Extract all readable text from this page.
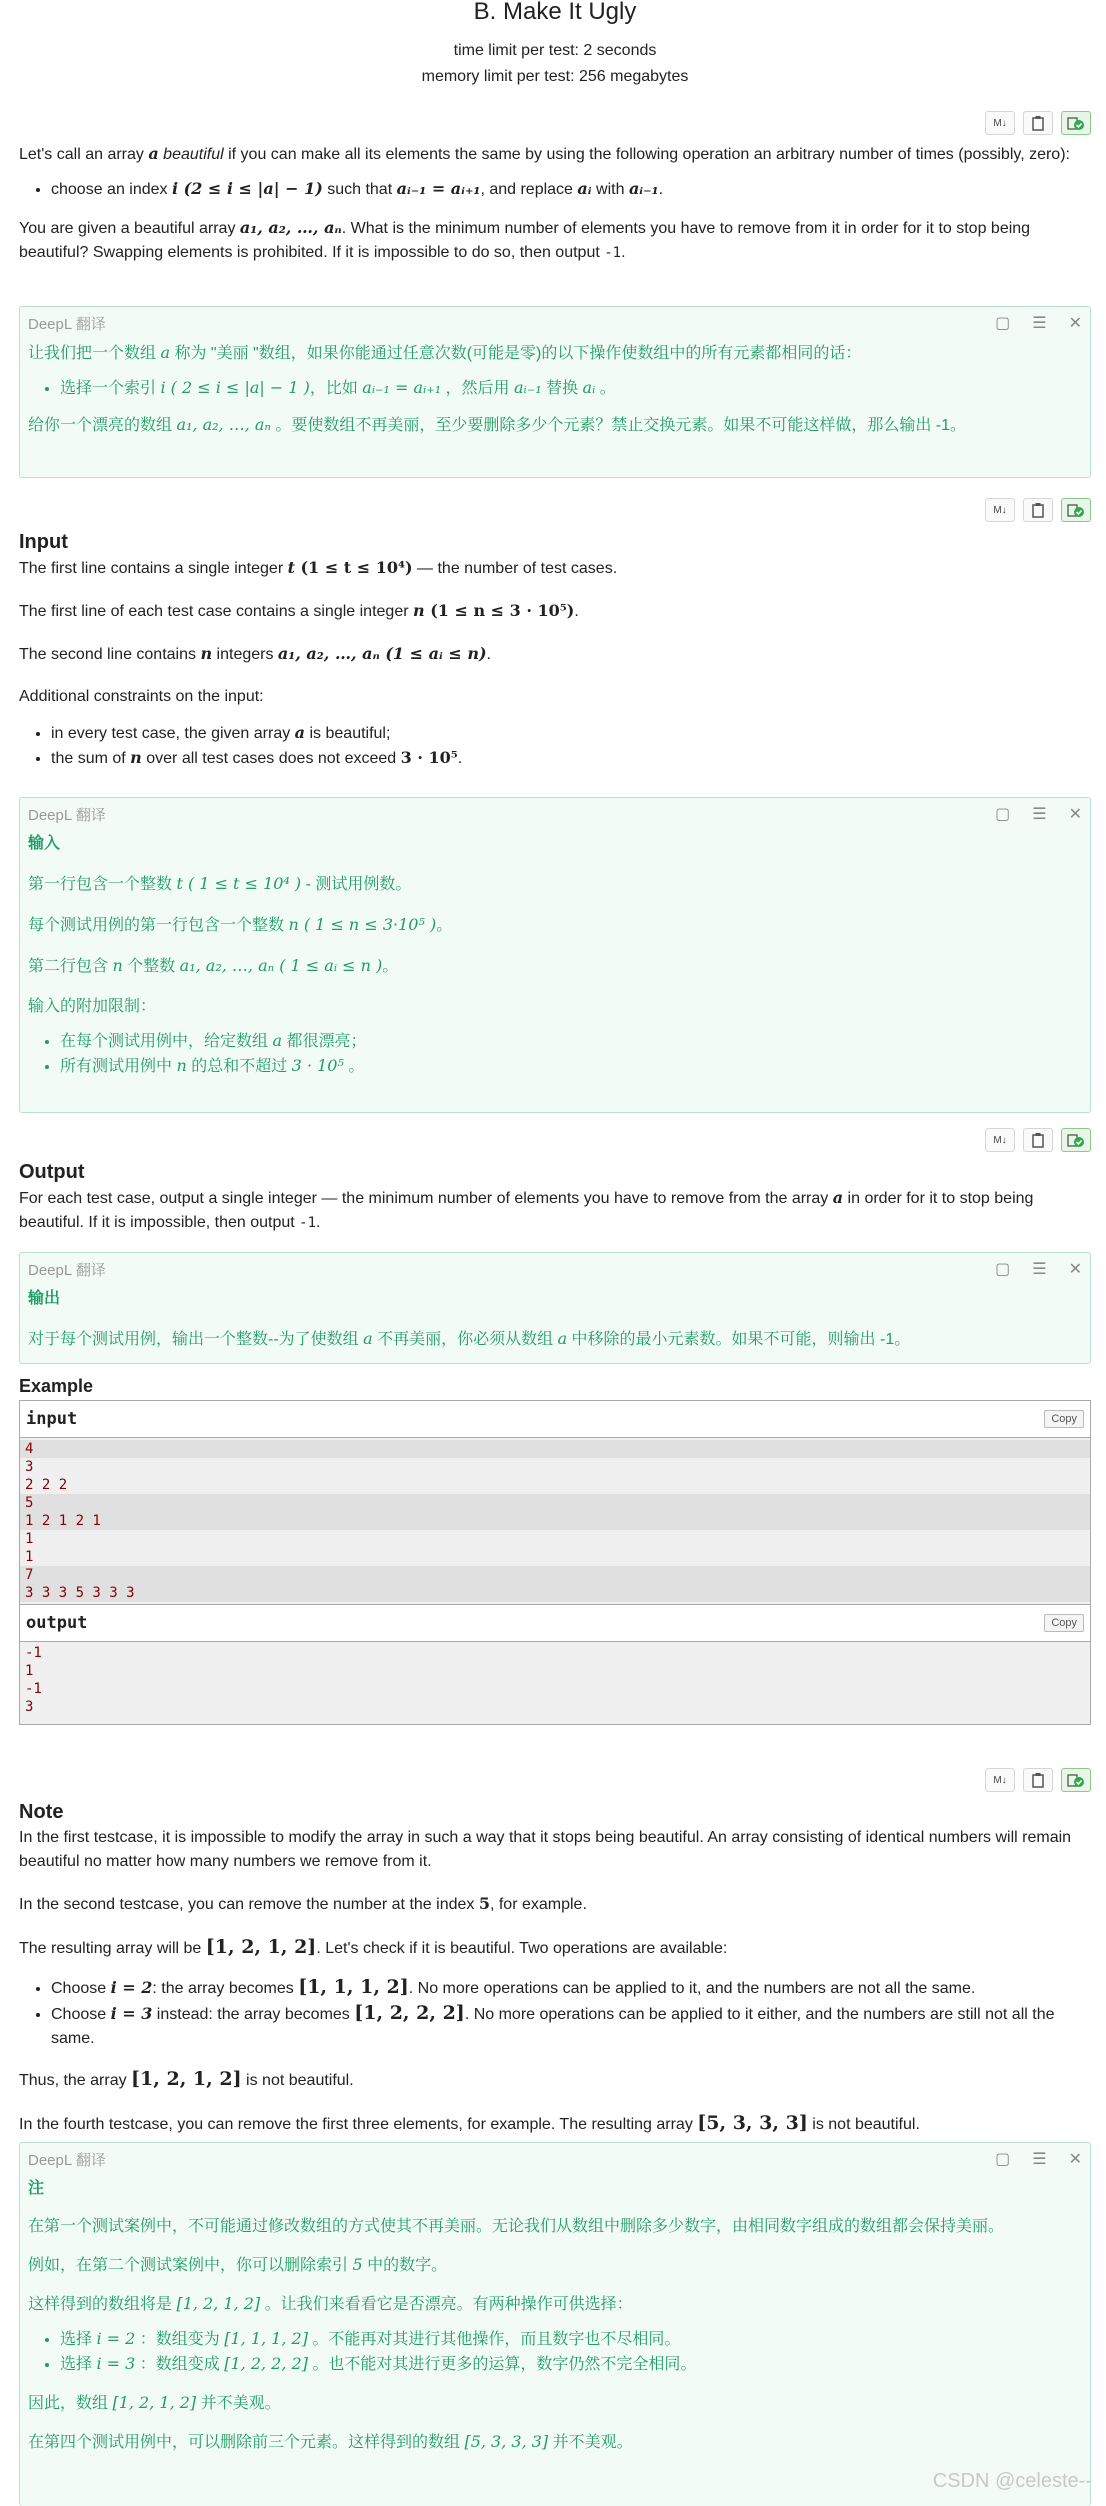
B. Make It Ugly
time limit per test: 2 seconds
memory limit per test: 256 megabytes
M↓

Let's call an array a beautiful if you can make all its elements the same by using the following operation an arbitrary number of times (possibly, zero):

• choose an index i (2 ≤ i ≤ |a| − 1) such that aᵢ₋₁ = aᵢ₊₁, and replace aᵢ with aᵢ₋₁.

You are given a beautiful array a₁, a₂, …, aₙ. What is the minimum number of elements you have to remove from it in order for it to stop being beautiful? Swapping elements is prohibited. If it is impossible to do so, then output -1.

DeepL 翻译	▢ ☰ ✕

让我们把一个数组 a 称为 "美丽 "数组，如果你能通过任意次数(可能是零)的以下操作使数组中的所有元素都相同的话：

• 选择一个索引 i ( 2 ≤ i ≤ |a| − 1 )，比如 aᵢ₋₁ = aᵢ₊₁ ，然后用 aᵢ₋₁ 替换 aᵢ 。

给你一个漂亮的数组 a₁, a₂, …, aₙ 。要使数组不再美丽，至少要删除多少个元素？禁止交换元素。如果不可能这样做，那么输出 -1。

M↓
Input

The first line contains a single integer t (1 ≤ t ≤ 10⁴) — the number of test cases.

The first line of each test case contains a single integer n (1 ≤ n ≤ 3 · 10⁵).

The second line contains n integers a₁, a₂, …, aₙ (1 ≤ aᵢ ≤ n).

Additional constraints on the input:

• in every test case, the given array a is beautiful;
• the sum of n over all test cases does not exceed 3 · 10⁵.
DeepL 翻译	▢ ☰ ✕

输入

第一行包含一个整数 t ( 1 ≤ t ≤ 10⁴ ) - 测试用例数。

每个测试用例的第一行包含一个整数 n ( 1 ≤ n ≤ 3·10⁵ )。

第二行包含 n 个整数 a₁, a₂, …, aₙ ( 1 ≤ aᵢ ≤ n )。

输入的附加限制：

• 在每个测试用例中，给定数组 a 都很漂亮；
• 所有测试用例中 n 的总和不超过 3 · 10⁵ 。
M↓
Output

For each test case, output a single integer — the minimum number of elements you have to remove from the array a in order for it to stop being beautiful. If it is impossible, then output -1.

DeepL 翻译	▢ ☰ ✕

输出

对于每个测试用例，输出一个整数--为了使数组 a 不再美丽，你必须从数组 a 中移除的最小元素数。如果不可能，则输出 -1。

Example
input	Copy
4
3
2 2 2
5
1 2 1 2 1
1
1
7
3 3 3 5 3 3 3
output	Copy
-1
1
-1
3
M↓
Note

In the first testcase, it is impossible to modify the array in such a way that it stops being beautiful. An array consisting of identical numbers will remain beautiful no matter how many numbers we remove from it.

In the second testcase, you can remove the number at the index 5, for example.

The resulting array will be [1, 2, 1, 2]. Let's check if it is beautiful. Two operations are available:

• Choose i = 2: the array becomes [1, 1, 1, 2]. No more operations can be applied to it, and the numbers are not all the same.
• Choose i = 3 instead: the array becomes [1, 2, 2, 2]. No more operations can be applied to it either, and the numbers are still not all the same.

Thus, the array [1, 2, 1, 2] is not beautiful.

In the fourth testcase, you can remove the first three elements, for example. The resulting array [5, 3, 3, 3] is not beautiful.

DeepL 翻译	▢ ☰ ✕

注

在第一个测试案例中，不可能通过修改数组的方式使其不再美丽。无论我们从数组中删除多少数字，由相同数字组成的数组都会保持美丽。

例如，在第二个测试案例中，你可以删除索引 5 中的数字。

这样得到的数组将是 [1, 2, 1, 2] 。让我们来看看它是否漂亮。有两种操作可供选择：

• 选择 i = 2 ：数组变为 [1, 1, 1, 2] 。不能再对其进行其他操作，而且数字也不尽相同。
• 选择 i = 3 ：数组变成 [1, 2, 2, 2] 。也不能对其进行更多的运算，数字仍然不完全相同。

因此，数组 [1, 2, 1, 2] 并不美观。

在第四个测试用例中，可以删除前三个元素。这样得到的数组 [5, 3, 3, 3] 并不美观。

CSDN @celeste--
